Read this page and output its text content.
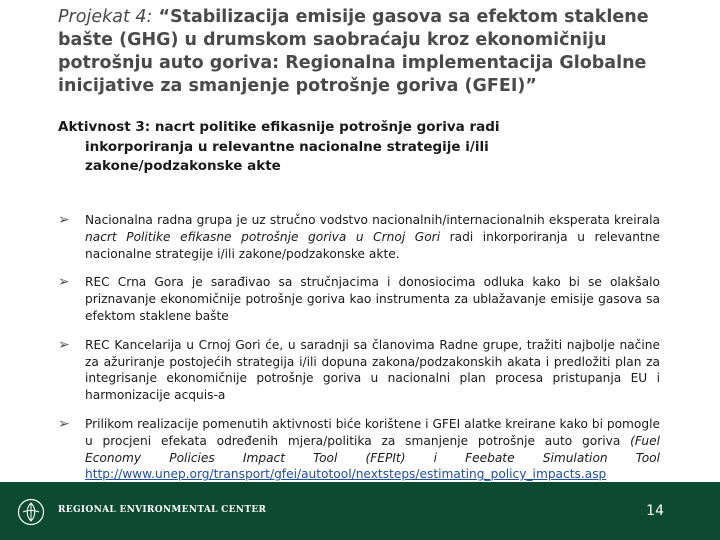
Projekat 4: “Stabilizacija emisije gasova sa efektom staklene bašte (GHG) u drumskom saobraćaju kroz ekonomičniju potrošnju auto goriva: Regionalna implementacija Globalne inicijative za smanjenje potrošnje goriva (GFEI)”
Aktivnost 3: nacrt politike efikasnije potrošnje goriva radi
inkorporiranja u relevantne nacionalne strategije i/ili zakone/podzakonske akte
➢ Nacionalna radna grupa je uz stručno vodstvo nacionalnih/internacionalnih eksperata kreirala nacrt Politike efikasne potrošnje goriva u Crnoj Gori radi inkorporiranja u relevantne nacionalne strategije i/ili zakone/podzakonske akte.
➢ REC Crna Gora je sarađivao sa stručnjacima i donosiocima odluka kako bi se olakšalo priznavanje ekonomičnije potrošnje goriva kao instrumenta za ublažavanje emisije gasova sa efektom staklene bašte
➢ REC Kancelarija u Crnoj Gori će, u saradnji sa članovima Radne grupe, tražiti najbolje načine za ažuriranje postojećih strategija i/ili dopuna zakona/podzakonskih akata i predložiti plan za integrisanje ekonomičnije potrošnje goriva u nacionalni plan procesa pristupanja EU i harmonizacije acquis-a
➢ Prilikom realizacije pomenutih aktivnosti biće korištene i GFEI alatke kreirane kako bi pomogle u procjeni efekata određenih mjera/politika za smanjenje potrošnje auto goriva (Fuel Economy Policies Impact Tool (FEPIt) i Feebate Simulation Tool http://www.unep.org/transport/gfei/autotool/nextsteps/estimating_policy_impacts.asp
REGIONAL ENVIRONMENTAL CENTER	14
